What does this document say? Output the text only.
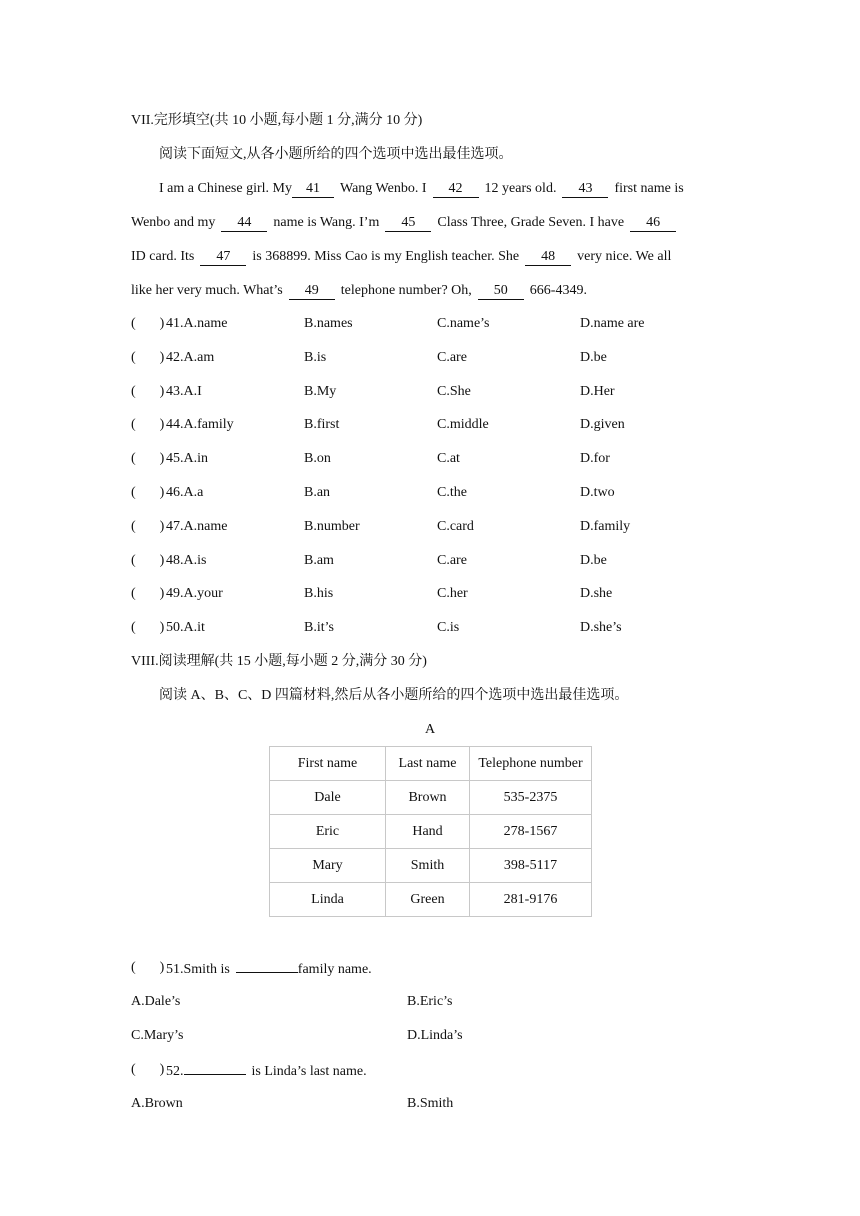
VII.完形填空(共 10 小题,每小题 1 分,满分 10 分)
阅读下面短文,从各小题所给的四个选项中选出最佳选项。
I am a Chinese girl. My 41 Wang Wenbo. I 42 12 years old. 43 first name is
Wenbo and my 44 name is Wang. I’m 45 Class Three, Grade Seven. I have 46
ID card. Its 47 is 368899. Miss Cao is my English teacher. She 48 very nice. We all
like her very much. What’s 49 telephone number? Oh, 50 666-4349.
( ) 41.A.name	B.names	C.name’s	D.name are
( ) 42.A.am	B.is	C.are	D.be
( ) 43.A.I	B.My	C.She	D.Her
( ) 44.A.family	B.first	C.middle	D.given
( ) 45.A.in	B.on	C.at	D.for
( ) 46.A.a	B.an	C.the	D.two
( ) 47.A.name	B.number	C.card	D.family
( ) 48.A.is	B.am	C.are	D.be
( ) 49.A.your	B.his	C.her	D.she
( ) 50.A.it	B.it’s	C.is	D.she’s
VIII.阅读理解(共 15 小题,每小题 2 分,满分 30 分)
阅读 A、B、C、D 四篇材料,然后从各小题所给的四个选项中选出最佳选项。
A
First name	Last name	Telephone number
Dale	Brown	535-2375
Eric	Hand	278-1567
Mary	Smith	398-5117
Linda	Green	281-9176
( ) 51.Smith is	family name.
A.Dale’s	B.Eric’s
C.Mary’s	D.Linda’s
( ) 52.	is Linda’s last name.
A.Brown	B.Smith
